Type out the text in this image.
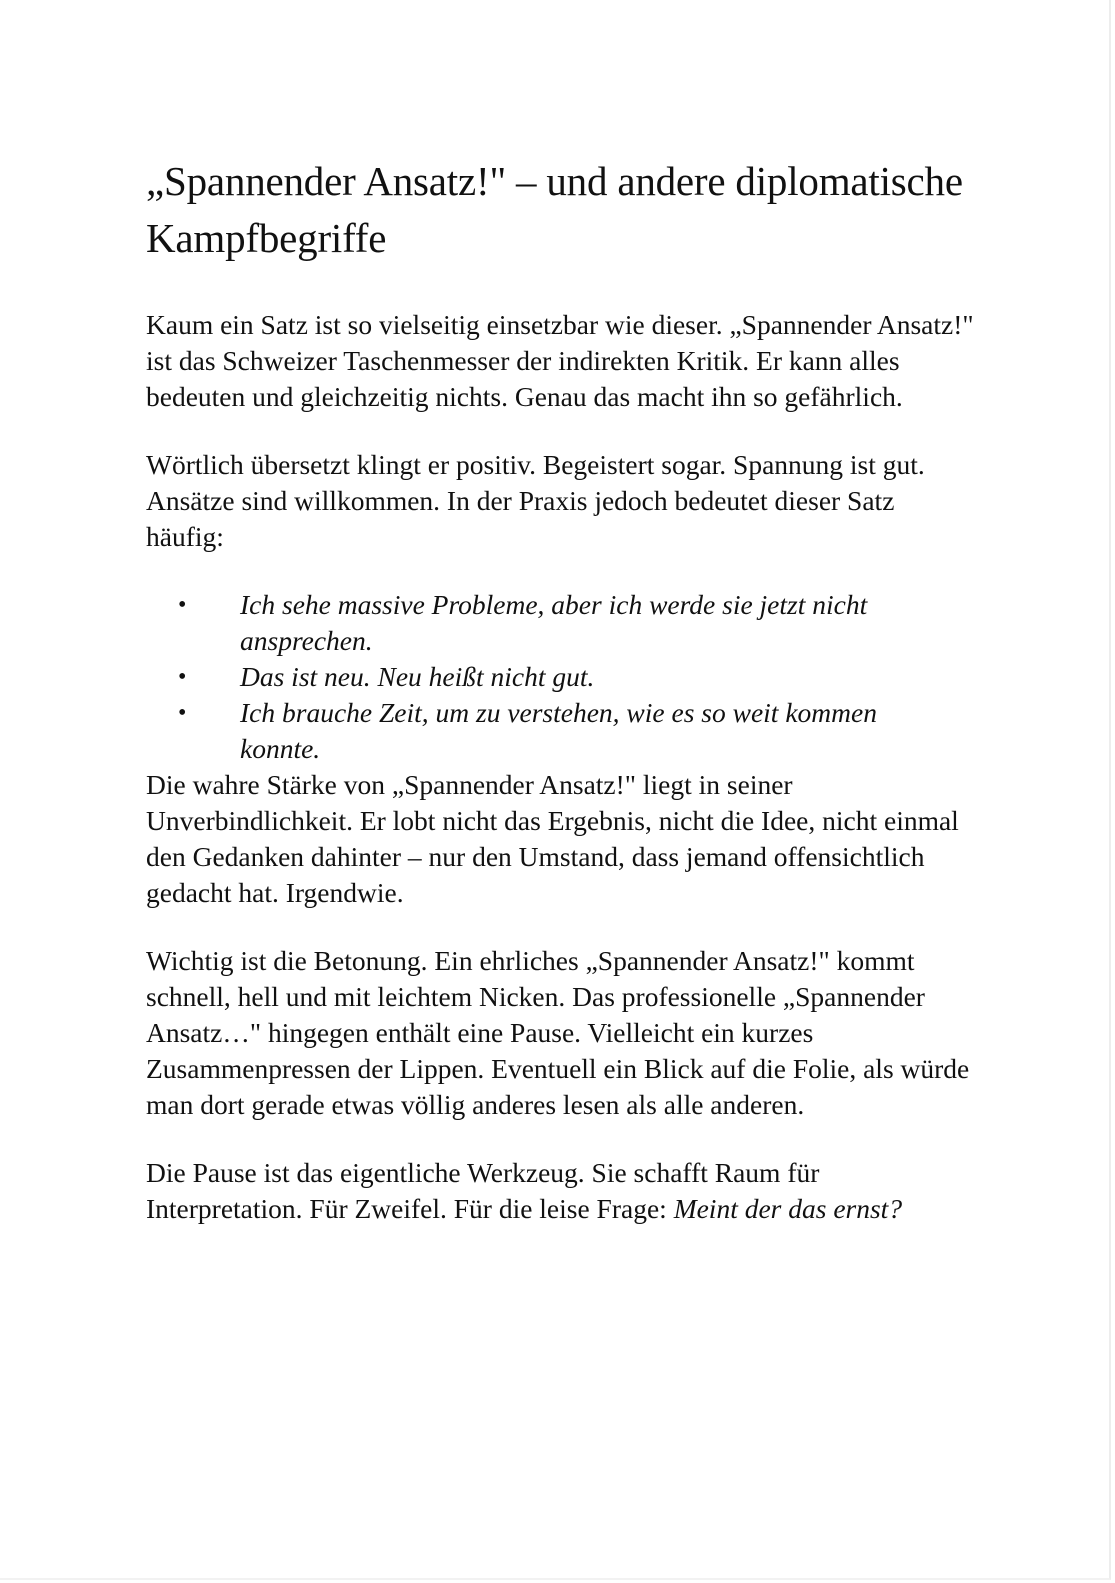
„Spannender Ansatz!" – und andere diplomatische Kampfbegriffe

Kaum ein Satz ist so vielseitig einsetzbar wie dieser. „Spannender Ansatz!" ist das Schweizer Taschenmesser der indirekten Kritik. Er kann alles bedeuten und gleichzeitig nichts. Genau das macht ihn so gefährlich.

Wörtlich übersetzt klingt er positiv. Begeistert sogar. Spannung ist gut. Ansätze sind willkommen. In der Praxis jedoch bedeutet dieser Satz häufig:

• Ich sehe massive Probleme, aber ich werde sie jetzt nicht ansprechen.
• Das ist neu. Neu heißt nicht gut.
• Ich brauche Zeit, um zu verstehen, wie es so weit kommen konnte.

Die wahre Stärke von „Spannender Ansatz!" liegt in seiner Unverbindlichkeit. Er lobt nicht das Ergebnis, nicht die Idee, nicht einmal den Gedanken dahinter – nur den Umstand, dass jemand offensichtlich gedacht hat. Irgendwie.

Wichtig ist die Betonung. Ein ehrliches „Spannender Ansatz!" kommt schnell, hell und mit leichtem Nicken. Das professionelle „Spannender Ansatz…" hingegen enthält eine Pause. Vielleicht ein kurzes Zusammenpressen der Lippen. Eventuell ein Blick auf die Folie, als würde man dort gerade etwas völlig anderes lesen als alle anderen.

Die Pause ist das eigentliche Werkzeug. Sie schafft Raum für Interpretation. Für Zweifel. Für die leise Frage: Meint der das ernst?
